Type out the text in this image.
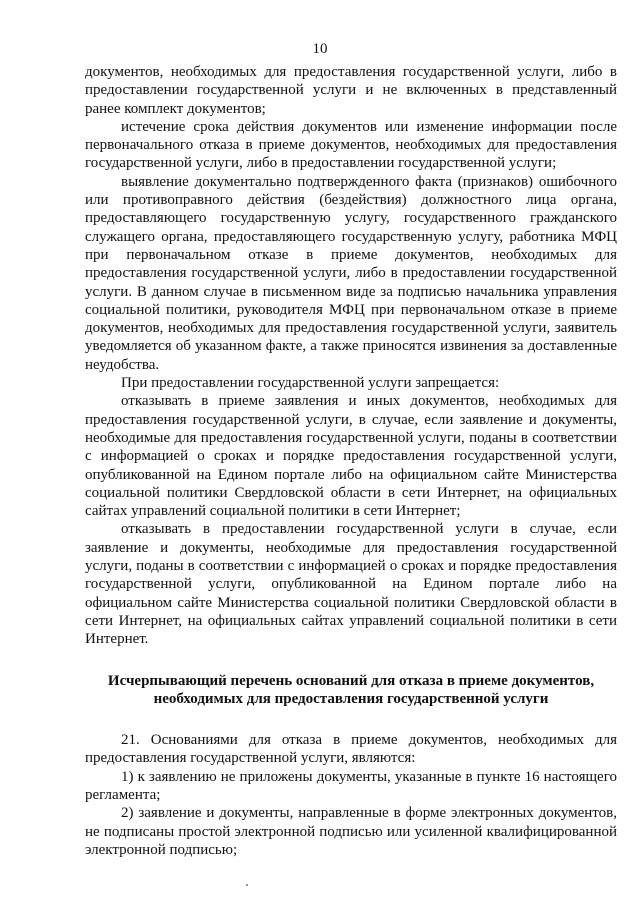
10

документов, необходимых для предоставления государственной услуги, либо в предоставлении государственной услуги и не включенных в представленный ранее комплект документов;

истечение срока действия документов или изменение информации после первоначального отказа в приеме документов, необходимых для предоставления государственной услуги, либо в предоставлении государственной услуги;

выявление документально подтвержденного факта (признаков) ошибочного или противоправного действия (бездействия) должностного лица органа, предоставляющего государственную услугу, государственного гражданского служащего органа, предоставляющего государственную услугу, работника МФЦ при первоначальном отказе в приеме документов, необходимых для предоставления государственной услуги, либо в предоставлении государственной услуги. В данном случае в письменном виде за подписью начальника управления социальной политики, руководителя МФЦ при первоначальном отказе в приеме документов, необходимых для предоставления государственной услуги, заявитель уведомляется об указанном факте, а также приносятся извинения за доставленные неудобства.

При предоставлении государственной услуги запрещается:

отказывать в приеме заявления и иных документов, необходимых для предоставления государственной услуги, в случае, если заявление и документы, необходимые для предоставления государственной услуги, поданы в соответствии с информацией о сроках и порядке предоставления государственной услуги, опубликованной на Едином портале либо на официальном сайте Министерства социальной политики Свердловской области в сети Интернет, на официальных сайтах управлений социальной политики в сети Интернет;

отказывать в предоставлении государственной услуги в случае, если заявление и документы, необходимые для предоставления государственной услуги, поданы в соответствии с информацией о сроках и порядке предоставления государственной услуги, опубликованной на Едином портале либо на официальном сайте Министерства социальной политики Свердловской области в сети Интернет, на официальных сайтах управлений социальной политики в сети Интернет.

Исчерпывающий перечень оснований для отказа в приеме документов,
необходимых для предоставления государственной услуги

21. Основаниями для отказа в приеме документов, необходимых для предоставления государственной услуги, являются:

1) к заявлению не приложены документы, указанные в пункте 16 настоящего регламента;

2) заявление и документы, направленные в форме электронных документов, не подписаны простой электронной подписью или усиленной квалифицированной электронной подписью;
